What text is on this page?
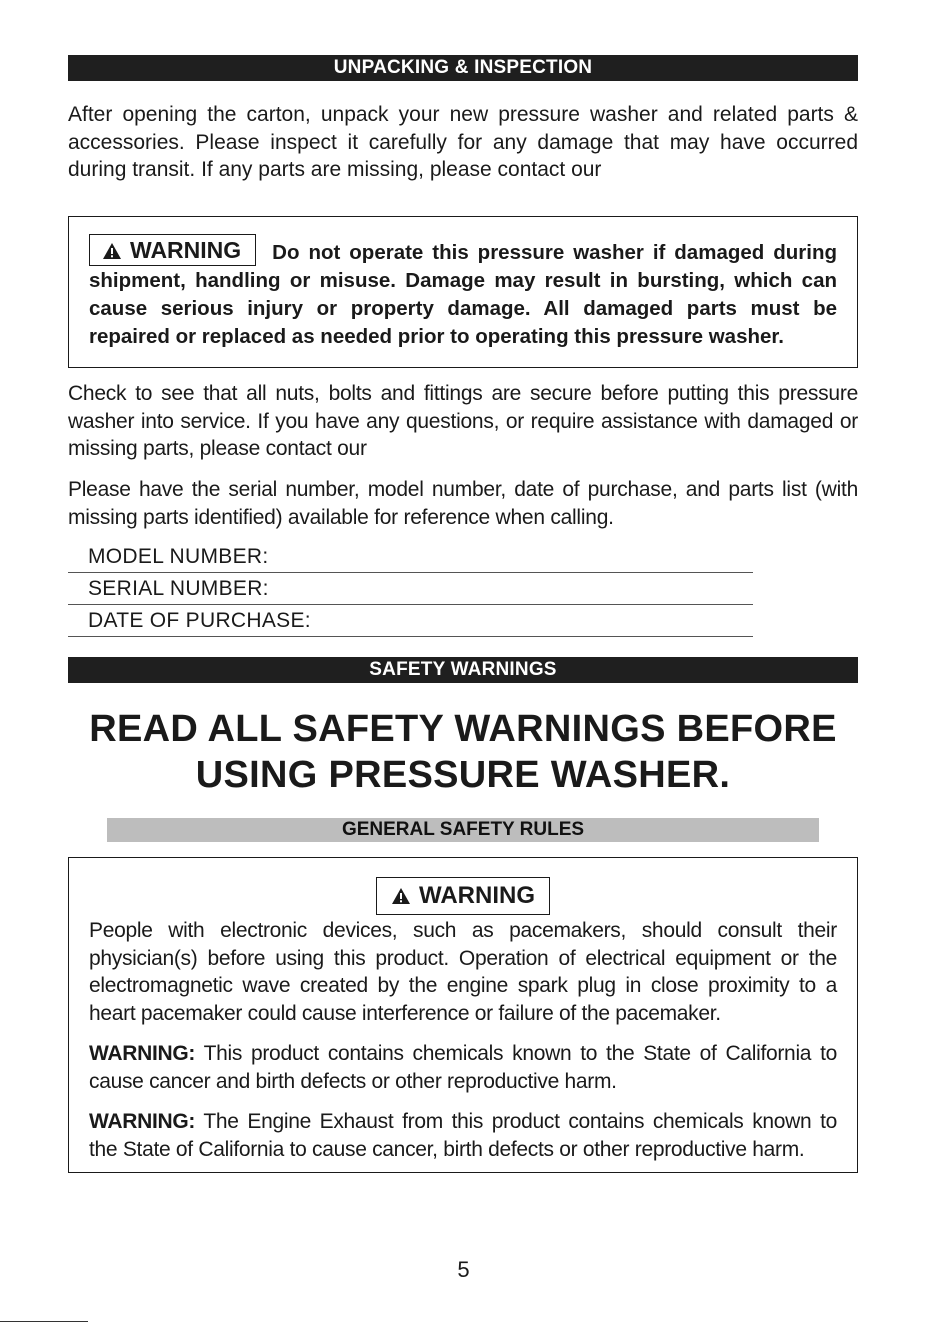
UNPACKING & INSPECTION
After opening the carton, unpack your new pressure washer and related parts & accessories. Please inspect it carefully for any damage that may have occurred during transit. If any parts are missing, please contact our
WARNING Do not operate this pressure washer if damaged during shipment, handling or misuse. Damage may result in bursting, which can cause serious injury or property damage. All damaged parts must be repaired or replaced as needed prior to operating this pressure washer.
Check to see that all nuts, bolts and fittings are secure before putting this pressure washer into service. If you have any questions, or require assistance with damaged or missing parts, please contact our
Please have the serial number, model number, date of purchase, and parts list (with missing parts identified) available for reference when calling.
MODEL NUMBER:
SERIAL NUMBER:
DATE OF PURCHASE:
SAFETY WARNINGS
READ ALL SAFETY WARNINGS BEFORE
USING PRESSURE WASHER.
GENERAL SAFETY RULES
WARNING
People with electronic devices, such as pacemakers, should consult their physician(s) before using this product. Operation of electrical equipment or the electromagnetic wave created by the engine spark plug in close proximity to a heart pacemaker could cause interference or failure of the pacemaker.
WARNING: This product contains chemicals known to the State of California to cause cancer and birth defects or other reproductive harm.
WARNING: The Engine Exhaust from this product contains chemicals known to the State of California to cause cancer, birth defects or other reproductive harm.
5
